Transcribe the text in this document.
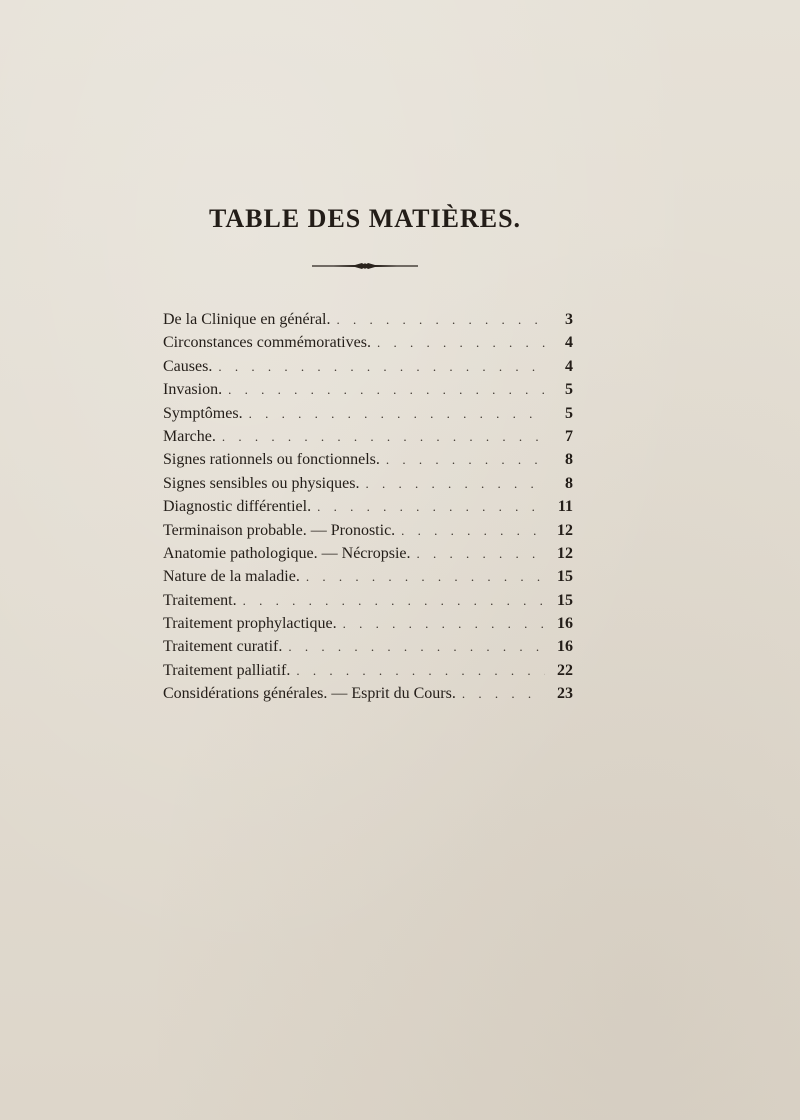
TABLE DES MATIÈRES.
De la Clinique en général. . . .	3
Circonstances commémoratives. . . .	4
Causes. . . .	4
Invasion. . . .	5
Symptômes. . . .	5
Marche. . . .	7
Signes rationnels ou fonctionnels. . . .	8
Signes sensibles ou physiques. . . .	8
Diagnostic différentiel. . . .	11
Terminaison probable. — Pronostic. . . .	12
Anatomie pathologique. — Nécropsie. . . .	12
Nature de la maladie. . . .	15
Traitement. . . .	15
Traitement prophylactique. . . .	16
Traitement curatif. . . .	16
Traitement palliatif. . . .	22
Considérations générales. — Esprit du Cours. . . .	23
